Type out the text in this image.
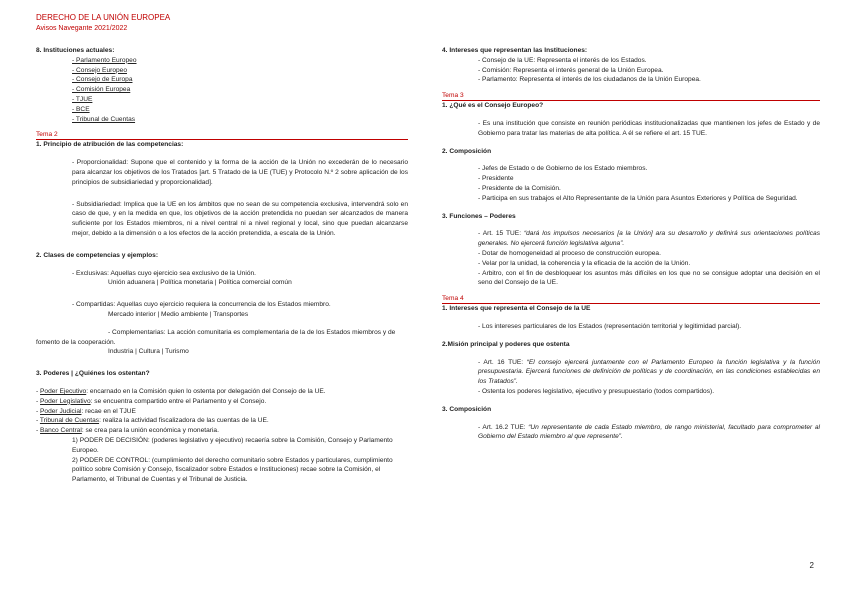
DERECHO DE LA UNIÓN EUROPEA
Avisos Navegante 2021/2022

8. Instituciones actuales:

- Parlamento Europeo
- Consejo Europeo
- Consejo de Europa
- Comisión Europea
- TJUE
- BCE
- Tribunal de Cuentas
Tema 2

1. Principio de atribución de las competencias:

- Proporcionalidad: Supone que el contenido y la forma de la acción de la Unión no excederán de lo necesario para alcanzar los objetivos de los Tratados [art. 5 Tratado de la UE (TUE) y Protocolo N.º 2 sobre aplicación de los principios de subsidiariedad y proporcionalidad].

- Subsidiariedad: Implica que la UE en los ámbitos que no sean de su competencia exclusiva, intervendrá solo en caso de que, y en la medida en que, los objetivos de la acción pretendida no puedan ser alcanzados de manera suficiente por los Estados miembros, ni a nivel central ni a nivel regional y local, sino que puedan alcanzarse mejor, debido a la dimensión o a los efectos de la acción pretendida, a escala de la Unión.

2. Clases de competencias y ejemplos:

- Exclusivas: Aquellas cuyo ejercicio sea exclusivo de la Unión.

Unión aduanera | Política monetaria | Política comercial común

- Compartidas: Aquellas cuyo ejercicio requiera la concurrencia de los Estados miembro.

Mercado interior | Medio ambiente | Transportes

- Complementarias: La acción comunitaria es complementaria de la de los Estados miembros y de fomento de la cooperación.

Industria | Cultura | Turismo

3. Poderes | ¿Quiénes los ostentan?

- Poder Ejecutivo: encarnado en la Comisión quien lo ostenta por delegación del Consejo de la UE.

- Poder Legislativo: se encuentra compartido entre el Parlamento y el Consejo.

- Poder Judicial: recae en el TJUE

- Tribunal de Cuentas: realiza la actividad fiscalizadora de las cuentas de la UE.

- Banco Central: se crea para la unión económica y monetaria.

1) PODER DE DECISIÓN: (poderes legislativo y ejecutivo) recaería sobre la Comisión, Consejo y Parlamento Europeo.

2) PODER DE CONTROL: (cumplimiento del derecho comunitario sobre Estados y particulares, cumplimiento político sobre Comisión y Consejo, fiscalizador sobre Estados e Instituciones) recae sobre la Comisión, el Parlamento, el Tribunal de Cuentas y el Tribunal de Justicia.

4. Intereses que representan las Instituciones:

- Consejo de la UE: Representa el interés de los Estados.

- Comisión: Representa el interés general de la Unión Europea.

- Parlamento: Representa el interés de los ciudadanos de la Unión Europea.

Tema 3

1. ¿Qué es el Consejo Europeo?

- Es una institución que consiste en reunión periódicas institucionalizadas que mantienen los jefes de Estado y de Gobierno para tratar las materias de alta política. A él se refiere el art. 15 TUE.

2. Composición

- Jefes de Estado o de Gobierno de los Estado miembros.

- Presidente

- Presidente de la Comisión.

- Participa en sus trabajos el Alto Representante de la Unión para Asuntos Exteriores y Política de Seguridad.

3. Funciones – Poderes

- Art. 15 TUE: “dará los impulsos necesarios [a la Unión] ara su desarrollo y definirá sus orientaciones políticas generales. No ejercerá función legislativa alguna”.

- Dotar de homogeneidad al proceso de construcción europea.

- Velar por la unidad, la coherencia y la eficacia de la acción de la Unión.

- Arbitro, con el fin de desbloquear los asuntos más difíciles en los que no se consigue adoptar una decisión en el seno del Consejo de la UE.

Tema 4

1. Intereses que representa el Consejo de la UE

- Los intereses particulares de los Estados (representación territorial y legitimidad parcial).

2.Misión principal y poderes que ostenta

- Art. 16 TUE: “El consejo ejercerá juntamente con el Parlamento Europeo la función legislativa y la función presupuestaria. Ejercerá funciones de definición de políticas y de coordinación, en las condiciones establecidas en los Tratados”.

- Ostenta los poderes legislativo, ejecutivo y presupuestario (todos compartidos).

3. Composición

- Art. 16.2 TUE: “Un representante de cada Estado miembro, de rango ministerial, facultado para comprometer al Gobierno del Estado miembro al que represente”.

2
